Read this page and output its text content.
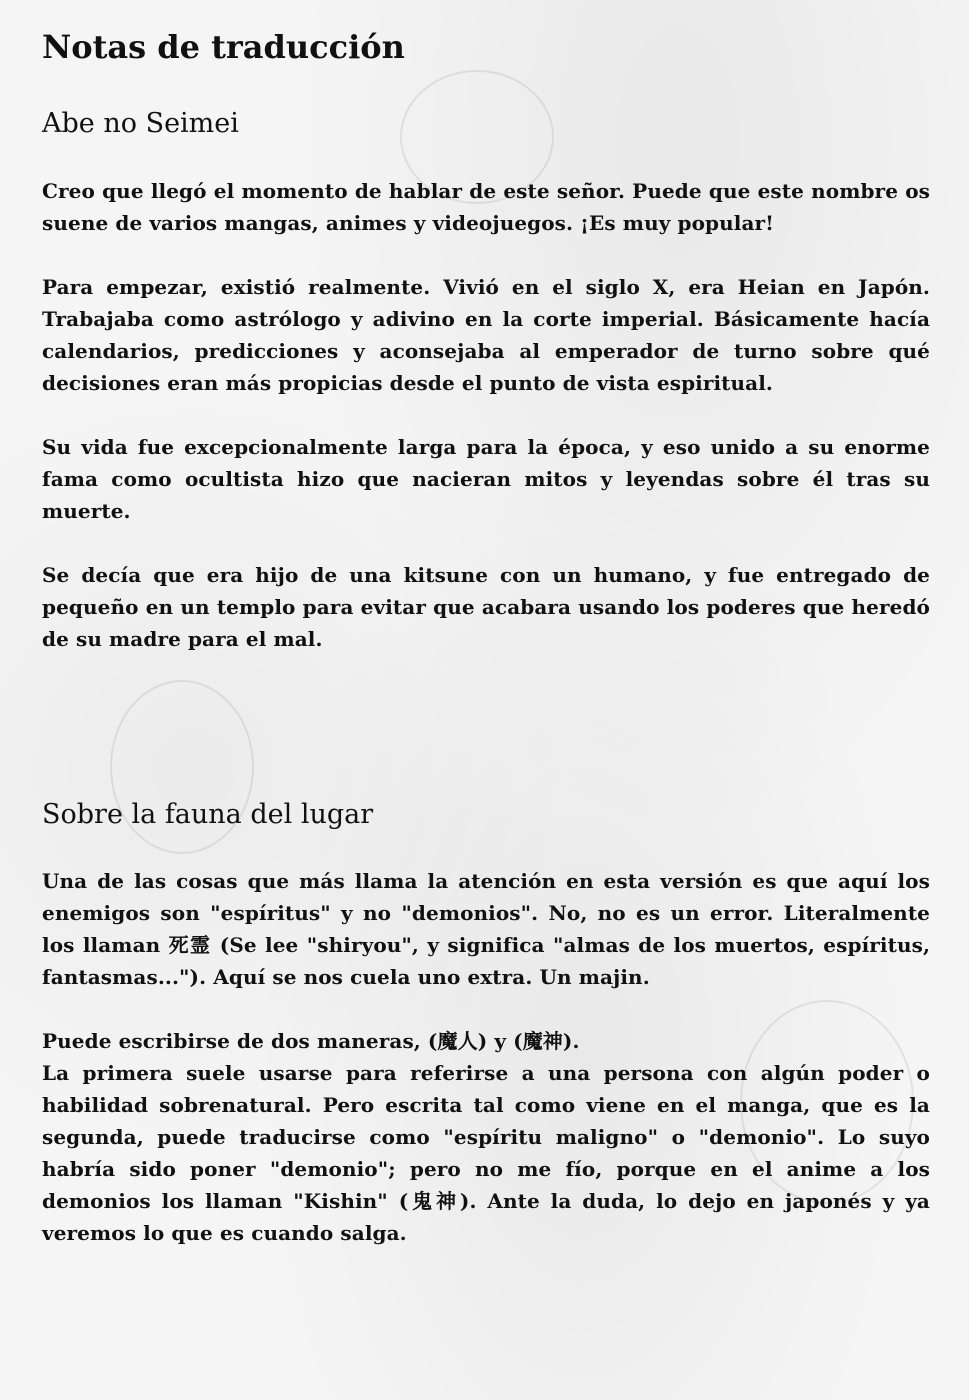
Notas de traducción
Abe no Seimei

Creo que llegó el momento de hablar de este señor. Puede que este nombre os suene de varios mangas, animes y videojuegos. ¡Es muy popular!

Para empezar, existió realmente. Vivió en el siglo X, era Heian en Japón. Trabajaba como astrólogo y adivino en la corte imperial. Básicamente hacía calendarios, predicciones y aconsejaba al emperador de turno sobre qué decisiones eran más propicias desde el punto de vista espiritual.

Su vida fue excepcionalmente larga para la época, y eso unido a su enorme fama como ocultista hizo que nacieran mitos y leyendas sobre él tras su muerte.

Se decía que era hijo de una kitsune con un humano, y fue entregado de pequeño en un templo para evitar que acabara usando los poderes que heredó de su madre para el mal.

Sobre la fauna del lugar

Una de las cosas que más llama la atención en esta versión es que aquí los enemigos son "espíritus" y no "demonios". No, no es un error. Literalmente los llaman 死霊 (Se lee "shiryou", y significa "almas de los muertos, espíritus, fantasmas..."). Aquí se nos cuela uno extra. Un majin.

Puede escribirse de dos maneras, (魔人) y (魔神).

La primera suele usarse para referirse a una persona con algún poder o habilidad sobrenatural. Pero escrita tal como viene en el manga, que es la segunda, puede traducirse como "espíritu maligno" o "demonio". Lo suyo habría sido poner "demonio"; pero no me fío, porque en el anime a los demonios los llaman "Kishin" (鬼神). Ante la duda, lo dejo en japonés y ya veremos lo que es cuando salga.
